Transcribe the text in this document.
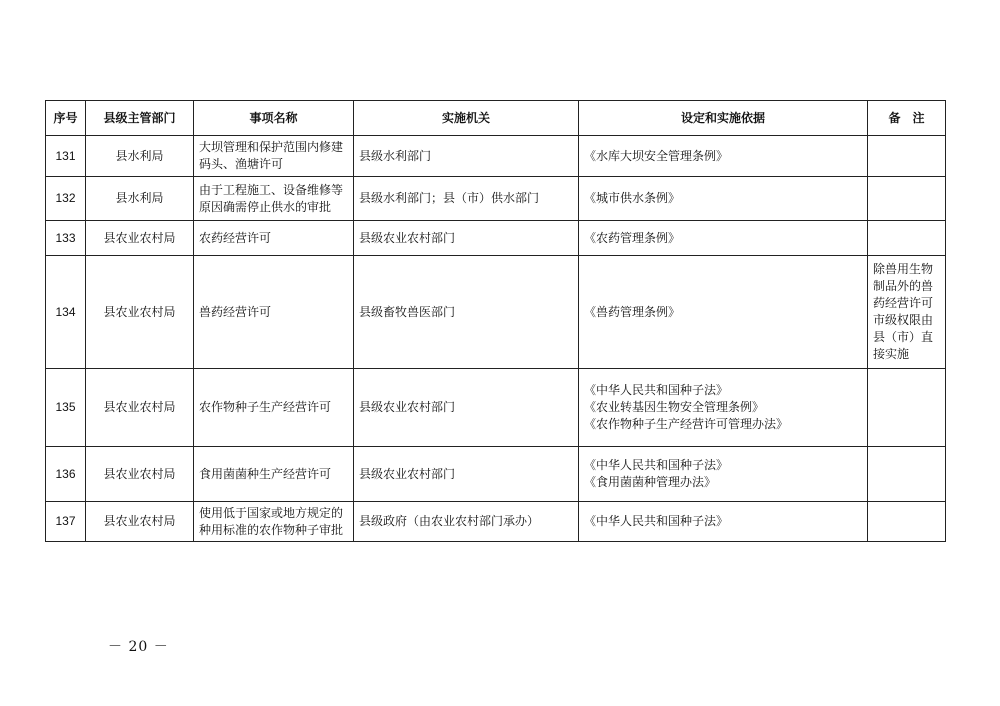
序号	县级主管部门	事项名称	实施机关	设定和实施依据	备　注
131	县水利局	大坝管理和保护范围内修建码头、渔塘许可	县级水利部门	《水库大坝安全管理条例》	

132	县水利局	由于工程施工、设备维修等原因确需停止供水的审批	县级水利部门；县（市）供水部门	《城市供水条例》	

133	县农业农村局	农药经营许可	县级农业农村部门	《农药管理条例》	

134	县农业农村局	兽药经营许可	县级畜牧兽医部门	《兽药管理条例》	除兽用生物制品外的兽药经营许可市级权限由县（市）直接实施
135	县农业农村局	农作物种子生产经营许可	县级农业农村部门	《中华人民共和国种子法》
《农业转基因生物安全管理条例》
《农作物种子生产经营许可管理办法》	

136	县农业农村局	食用菌菌种生产经营许可	县级农业农村部门	《中华人民共和国种子法》
《食用菌菌种管理办法》	

137	县农业农村局	使用低于国家或地方规定的种用标准的农作物种子审批	县级政府（由农业农村部门承办）	《中华人民共和国种子法》	

－ 20 －
